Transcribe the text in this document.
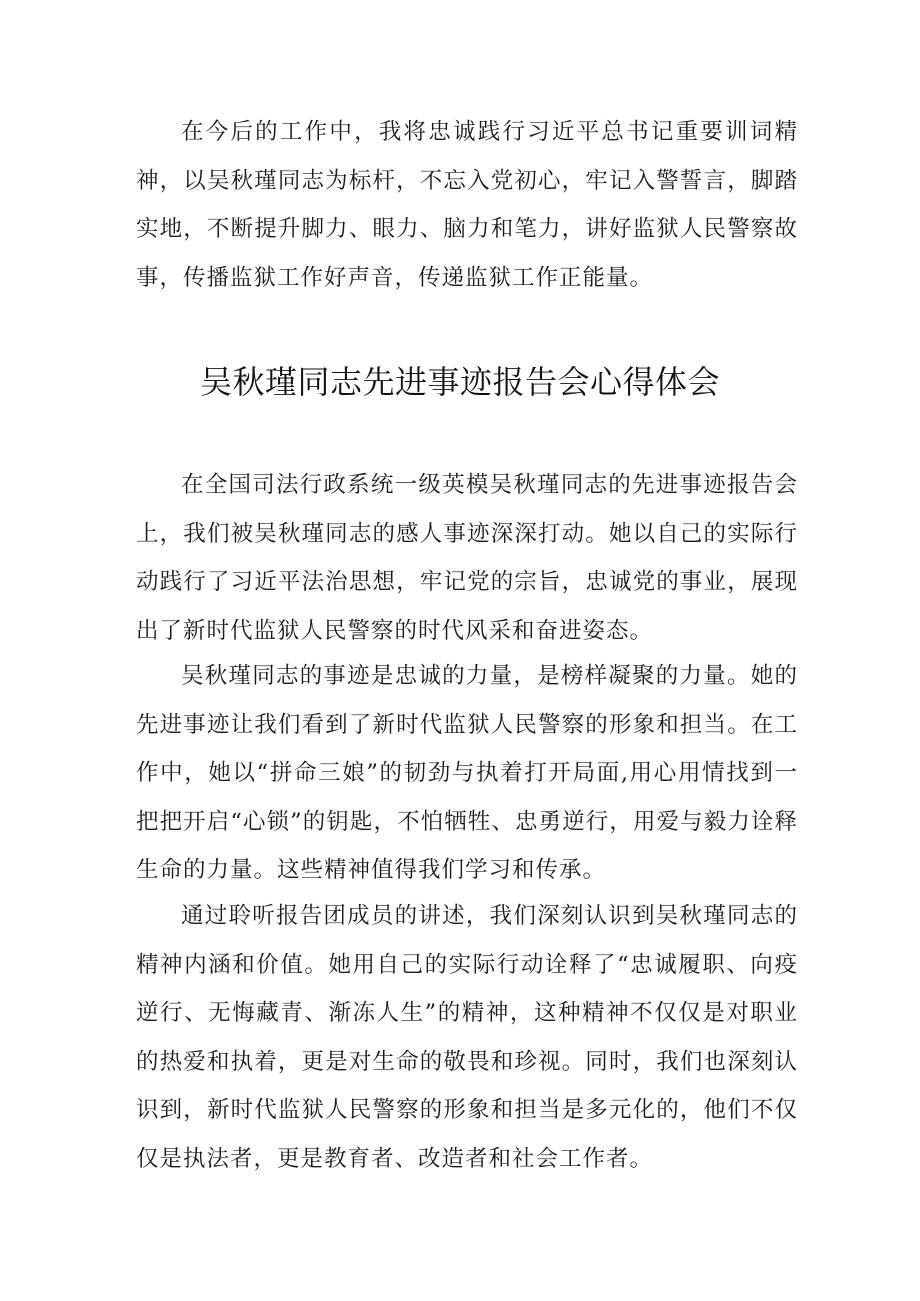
在今后的工作中，我将忠诚践行习近平总书记重要训词精神，以吴秋瑾同志为标杆，不忘入党初心，牢记入警誓言，脚踏实地，不断提升脚力、眼力、脑力和笔力，讲好监狱人民警察故事，传播监狱工作好声音，传递监狱工作正能量。

吴秋瑾同志先进事迹报告会心得体会

在全国司法行政系统一级英模吴秋瑾同志的先进事迹报告会上，我们被吴秋瑾同志的感人事迹深深打动。她以自己的实际行动践行了习近平法治思想，牢记党的宗旨，忠诚党的事业，展现出了新时代监狱人民警察的时代风采和奋进姿态。

吴秋瑾同志的事迹是忠诚的力量，是榜样凝聚的力量。她的先进事迹让我们看到了新时代监狱人民警察的形象和担当。在工作中，她以“拼命三娘”的韧劲与执着打开局面,用心用情找到一把把开启“心锁”的钥匙，不怕牺牲、忠勇逆行，用爱与毅力诠释生命的力量。这些精神值得我们学习和传承。

通过聆听报告团成员的讲述，我们深刻认识到吴秋瑾同志的精神内涵和价值。她用自己的实际行动诠释了“忠诚履职、向疫逆行、无悔藏青、渐冻人生”的精神，这种精神不仅仅是对职业的热爱和执着，更是对生命的敬畏和珍视。同时，我们也深刻认识到，新时代监狱人民警察的形象和担当是多元化的，他们不仅仅是执法者，更是教育者、改造者和社会工作者。
